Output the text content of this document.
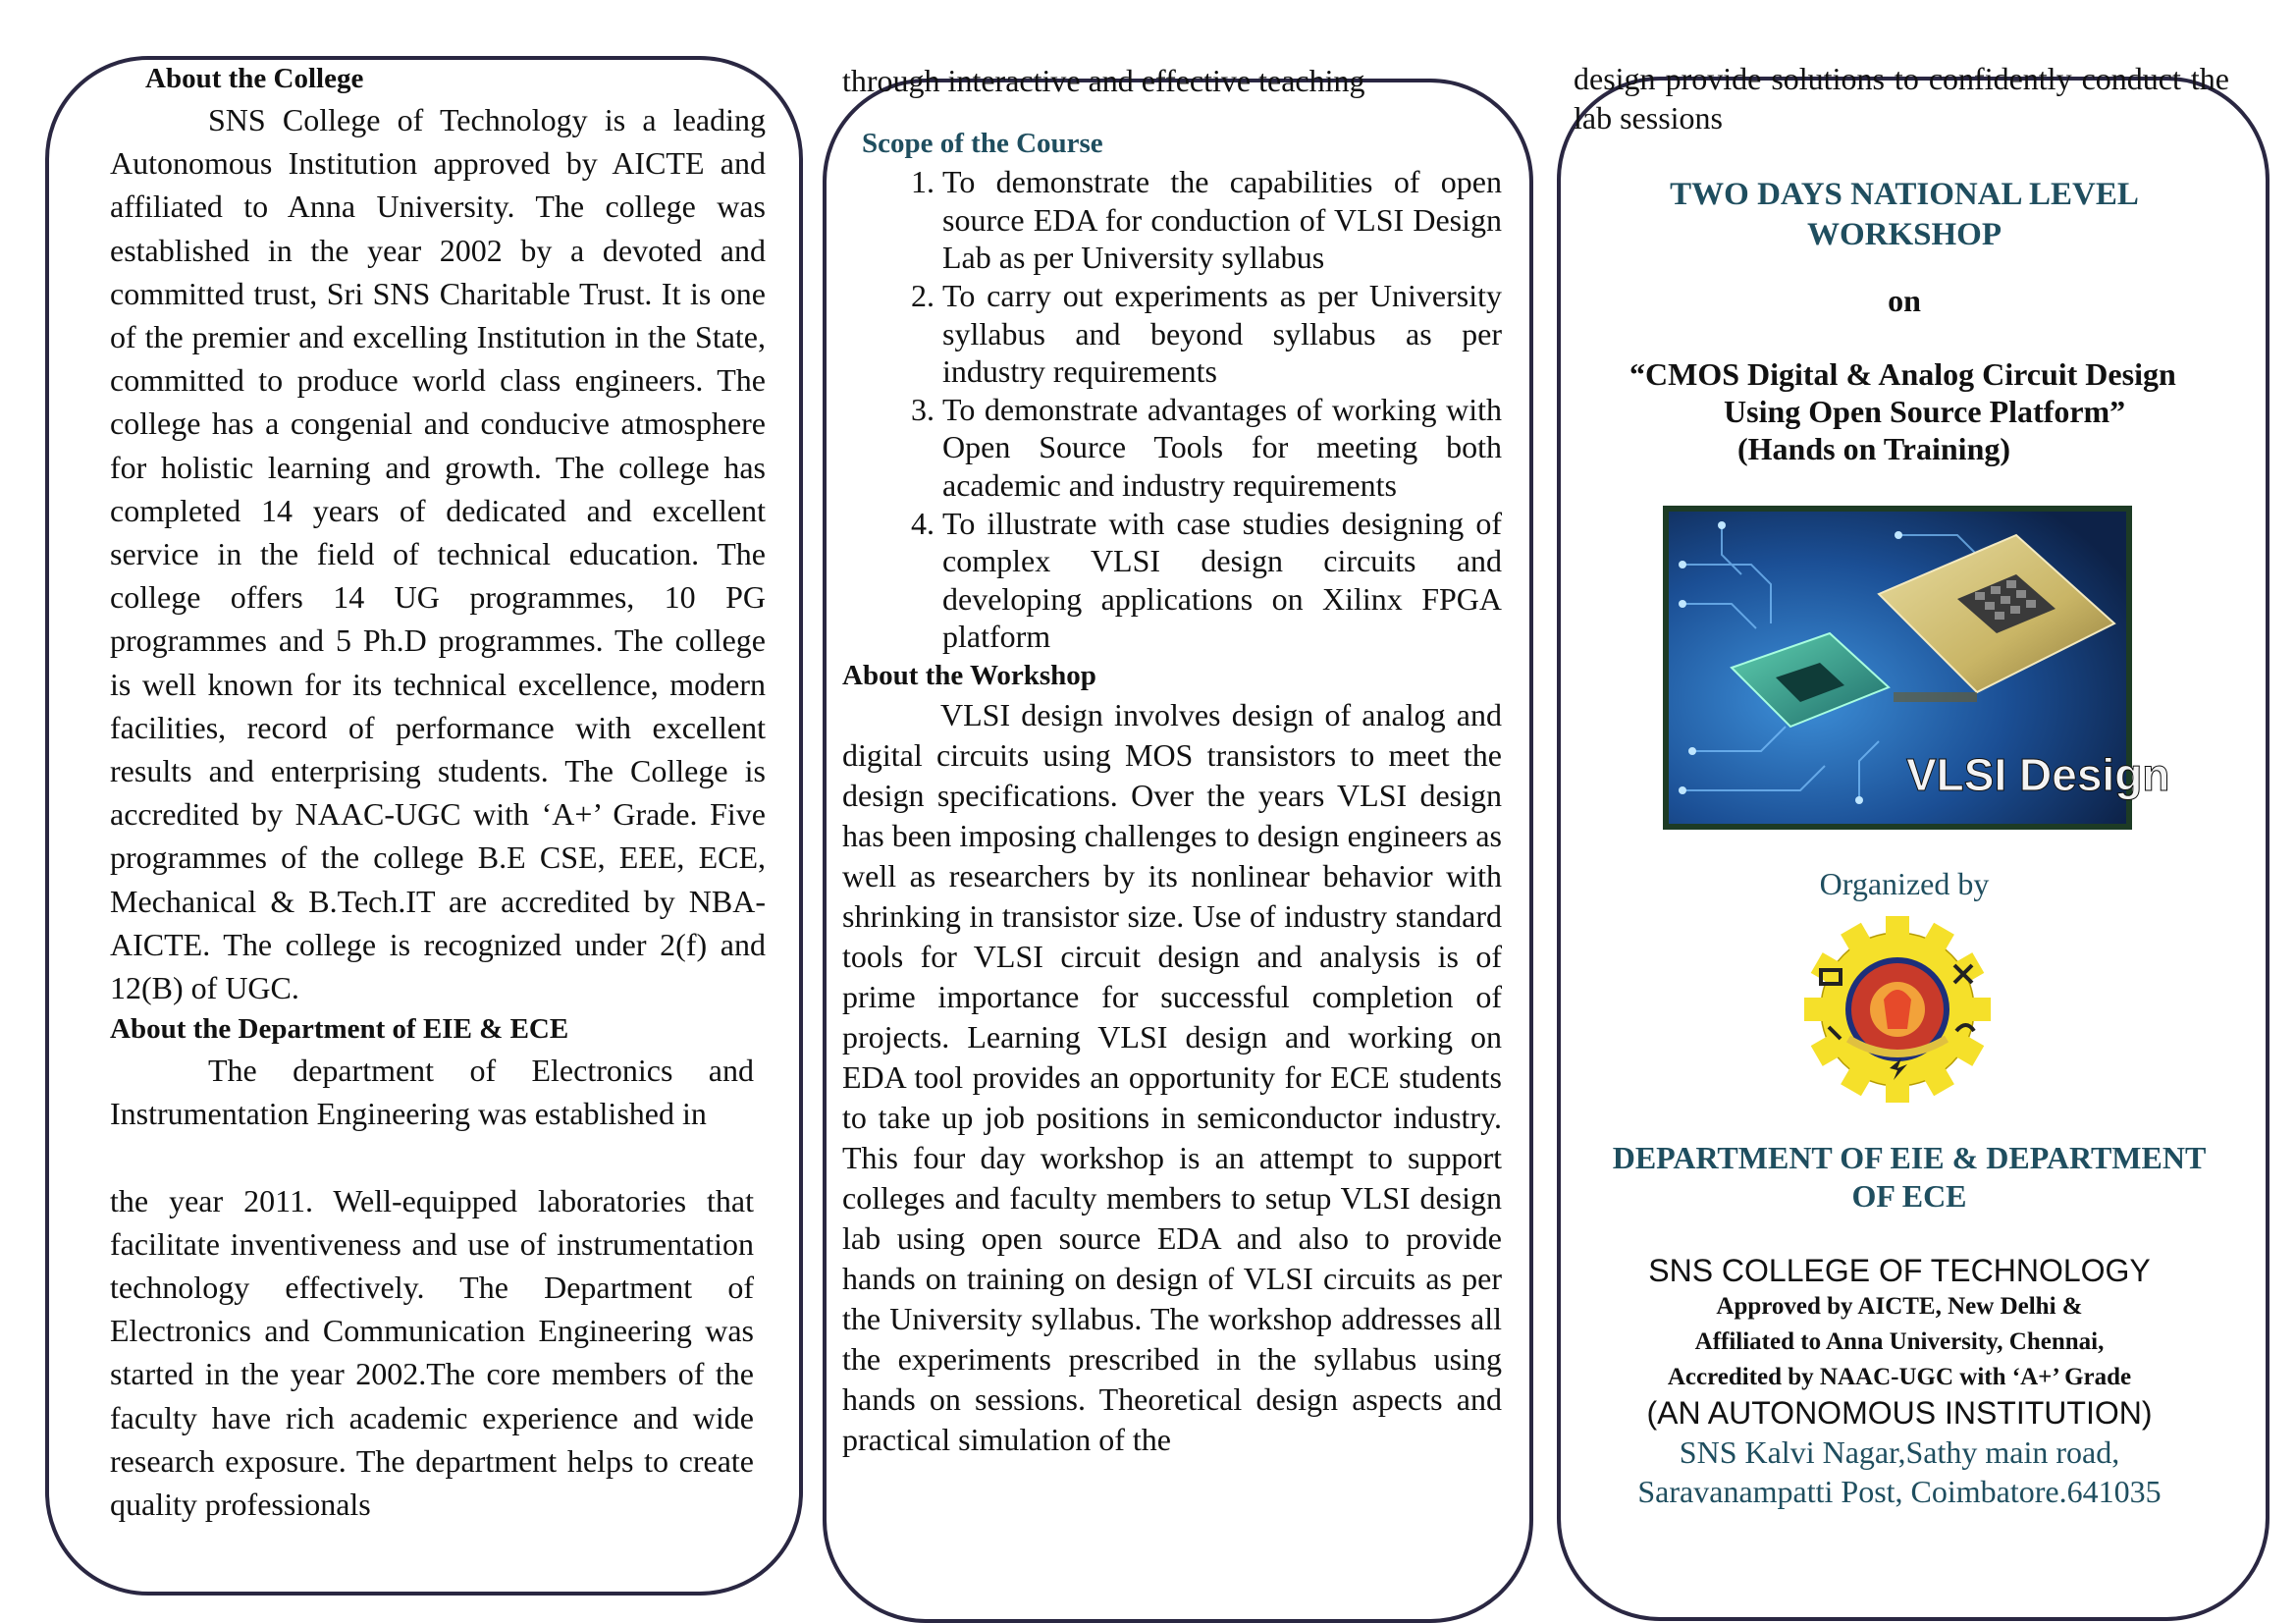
About the College
SNS College of Technology is a leading Autonomous Institution approved by AICTE and affiliated to Anna University. The college was established in the year 2002 by a devoted and committed trust, Sri SNS Charitable Trust. It is one of the premier and excelling Institution in the State, committed to produce world class engineers. The college has a congenial and conducive atmosphere for holistic learning and growth. The college has completed 14 years of dedicated and excellent service in the field of technical education. The college offers 14 UG programmes, 10 PG programmes and 5 Ph.D programmes. The college is well known for its technical excellence, modern facilities, record of performance with excellent results and enterprising students. The College is accredited by NAAC-UGC with ‘A+’ Grade. Five programmes of the college B.E CSE, EEE, ECE, Mechanical & B.Tech.IT are accredited by NBA-AICTE. The college is recognized under 2(f) and 12(B) of UGC.
About the Department of EIE & ECE
The department of Electronics and Instrumentation Engineering was established in
the year 2011. Well-equipped laboratories that facilitate inventiveness and use of instrumentation technology effectively. The Department of Electronics and Communication Engineering was started in the year 2002.The core members of the faculty have rich academic experience and wide research exposure. The department helps to create quality professionals
through interactive and effective teaching
Scope of the Course
1. To demonstrate the capabilities of open source EDA for conduction of VLSI Design Lab as per University syllabus
2. To carry out experiments as per University syllabus and beyond syllabus as per industry requirements
3. To demonstrate advantages of working with Open Source Tools for meeting both academic and industry requirements
4. To illustrate with case studies designing of complex VLSI design circuits and developing applications on Xilinx FPGA platform
About the Workshop
VLSI design involves design of analog and digital circuits using MOS transistors to meet the design specifications. Over the years VLSI design has been imposing challenges to design engineers as well as researchers by its nonlinear behavior with shrinking in transistor size. Use of industry standard tools for VLSI circuit design and analysis is of prime importance for successful completion of projects. Learning VLSI design and working on EDA tool provides an opportunity for ECE students to take up job positions in semiconductor industry. This four day workshop is an attempt to support colleges and faculty members to setup VLSI design lab using open source EDA and also to provide hands on training on design of VLSI circuits as per the University syllabus. The workshop addresses all the experiments prescribed in the syllabus using hands on sessions. Theoretical design aspects and practical simulation of the
design provide solutions to confidently conduct the lab sessions
TWO DAYS NATIONAL LEVEL
WORKSHOP
on
“CMOS Digital & Analog Circuit Design
Using Open Source Platform”
(Hands on Training)
VLSI Design
Organized by
DEPARTMENT OF EIE & DEPARTMENT
OF ECE
SNS COLLEGE OF TECHNOLOGY
Approved by AICTE, New Delhi &
Affiliated to Anna University, Chennai,
Accredited by NAAC-UGC with ‘A+’ Grade
(AN AUTONOMOUS INSTITUTION)
SNS Kalvi Nagar,Sathy main road,
Saravanampatti Post, Coimbatore.641035
